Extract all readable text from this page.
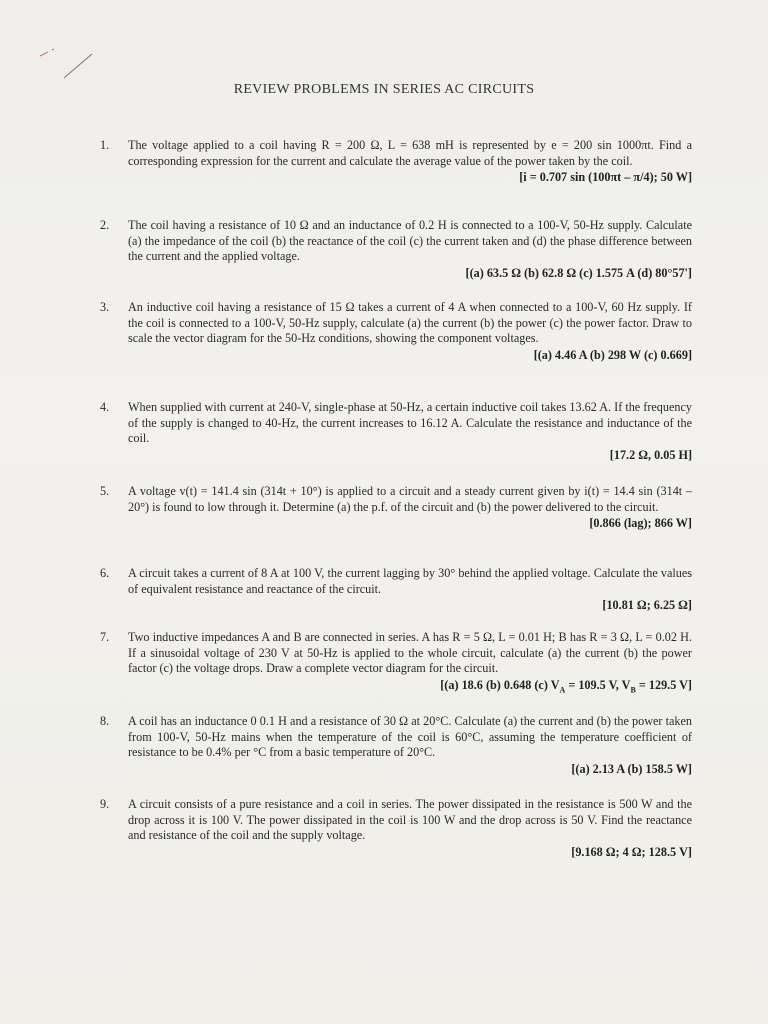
REVIEW PROBLEMS IN SERIES AC CIRCUITS
1.	The voltage applied to a coil having R = 200 Ω, L = 638 mH is represented by e = 200 sin 1000πt. Find a corresponding expression for the current and calculate the average value of the power taken by the coil.
[i = 0.707 sin (100πt – π/4); 50 W]
2.	The coil having a resistance of 10 Ω and an inductance of 0.2 H is connected to a 100-V, 50-Hz supply. Calculate (a) the impedance of the coil (b) the reactance of the coil (c) the current taken and (d) the phase difference between the current and the applied voltage.
[(a) 63.5 Ω (b) 62.8 Ω (c) 1.575 A (d) 80°57']
3.	An inductive coil having a resistance of 15 Ω takes a current of 4 A when connected to a 100-V, 60 Hz supply. If the coil is connected to a 100-V, 50-Hz supply, calculate (a) the current (b) the power (c) the power factor. Draw to scale the vector diagram for the 50-Hz conditions, showing the component voltages.
[(a) 4.46 A (b) 298 W (c) 0.669]
4.	When supplied with current at 240-V, single-phase at 50-Hz, a certain inductive coil takes 13.62 A. If the frequency of the supply is changed to 40-Hz, the current increases to 16.12 A. Calculate the resistance and inductance of the coil.
[17.2 Ω, 0.05 H]
5.	A voltage v(t) = 141.4 sin (314t + 10°) is applied to a circuit and a steady current given by i(t) = 14.4 sin (314t – 20°) is found to low through it. Determine (a) the p.f. of the circuit and (b) the power delivered to the circuit.
[0.866 (lag); 866 W]
6.	A circuit takes a current of 8 A at 100 V, the current lagging by 30° behind the applied voltage. Calculate the values of equivalent resistance and reactance of the circuit.
[10.81 Ω; 6.25 Ω]
7.	Two inductive impedances A and B are connected in series. A has R = 5 Ω, L = 0.01 H; B has R = 3 Ω, L = 0.02 H. If a sinusoidal voltage of 230 V at 50-Hz is applied to the whole circuit, calculate (a) the current (b) the power factor (c) the voltage drops. Draw a complete vector diagram for the circuit.
[(a) 18.6 (b) 0.648 (c) $V_A = 109.5$ V, $V_B = 129.5$ V]
8.	A coil has an inductance 0 0.1 H and a resistance of 30 Ω at 20°C. Calculate (a) the current and (b) the power taken from 100-V, 50-Hz mains when the temperature of the coil is 60°C, assuming the temperature coefficient of resistance to be 0.4% per °C from a basic temperature of 20°C.
[(a) 2.13 A (b) 158.5 W]
9.	A circuit consists of a pure resistance and a coil in series. The power dissipated in the resistance is 500 W and the drop across it is 100 V. The power dissipated in the coil is 100 W and the drop across is 50 V. Find the reactance and resistance of the coil and the supply voltage.
[9.168 Ω; 4 Ω; 128.5 V]
